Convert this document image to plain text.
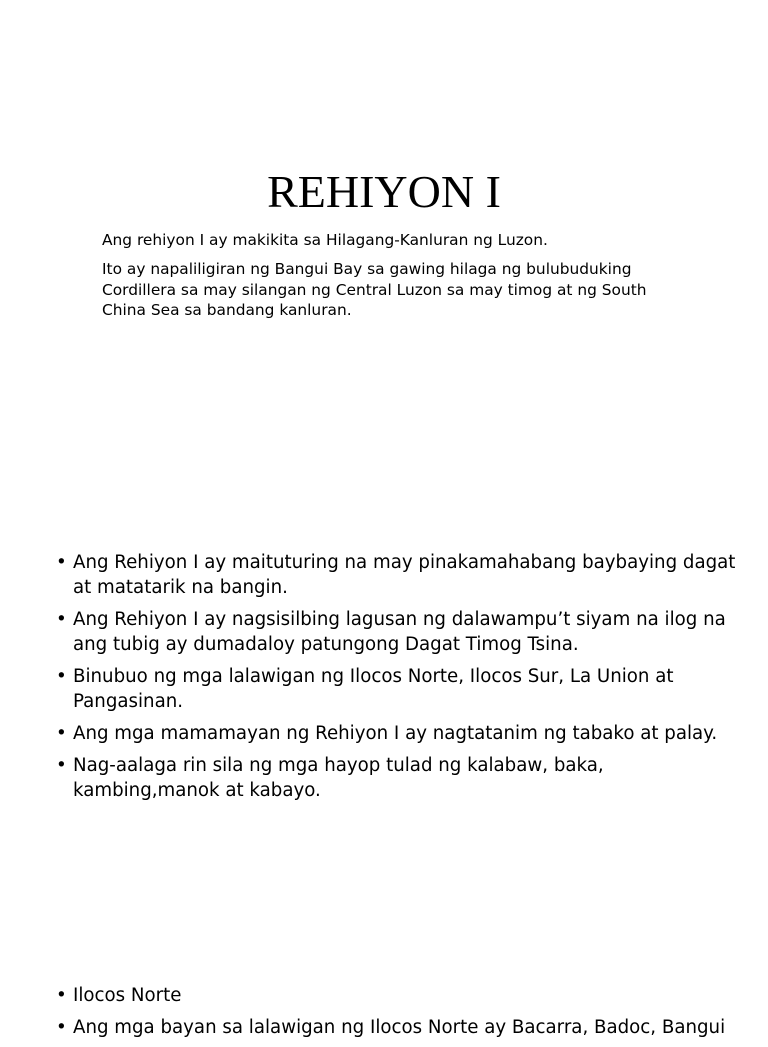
REHIYON I
Ang rehiyon I ay makikita sa Hilagang-Kanluran ng Luzon.
Ito ay napaliligiran ng Bangui Bay sa gawing hilaga ng bulubuduking Cordillera sa may silangan ng Central Luzon sa may timog at ng South China Sea sa bandang kanluran.
• Ang Rehiyon I ay maituturing na may pinakamahabang baybaying dagat at matatarik na bangin.
• Ang Rehiyon I ay nagsisilbing lagusan ng dalawampu’t siyam na ilog na ang tubig ay dumadaloy patungong Dagat Timog Tsina.
• Binubuo ng mga lalawigan ng Ilocos Norte, Ilocos Sur, La Union at Pangasinan.
• Ang mga mamamayan ng Rehiyon I ay nagtatanim ng tabako at palay.
• Nag-aalaga rin sila ng mga hayop tulad ng kalabaw, baka, kambing,manok at kabayo.
• Ilocos Norte
• Ang mga bayan sa lalawigan ng Ilocos Norte ay Bacarra, Badoc, Bangui
